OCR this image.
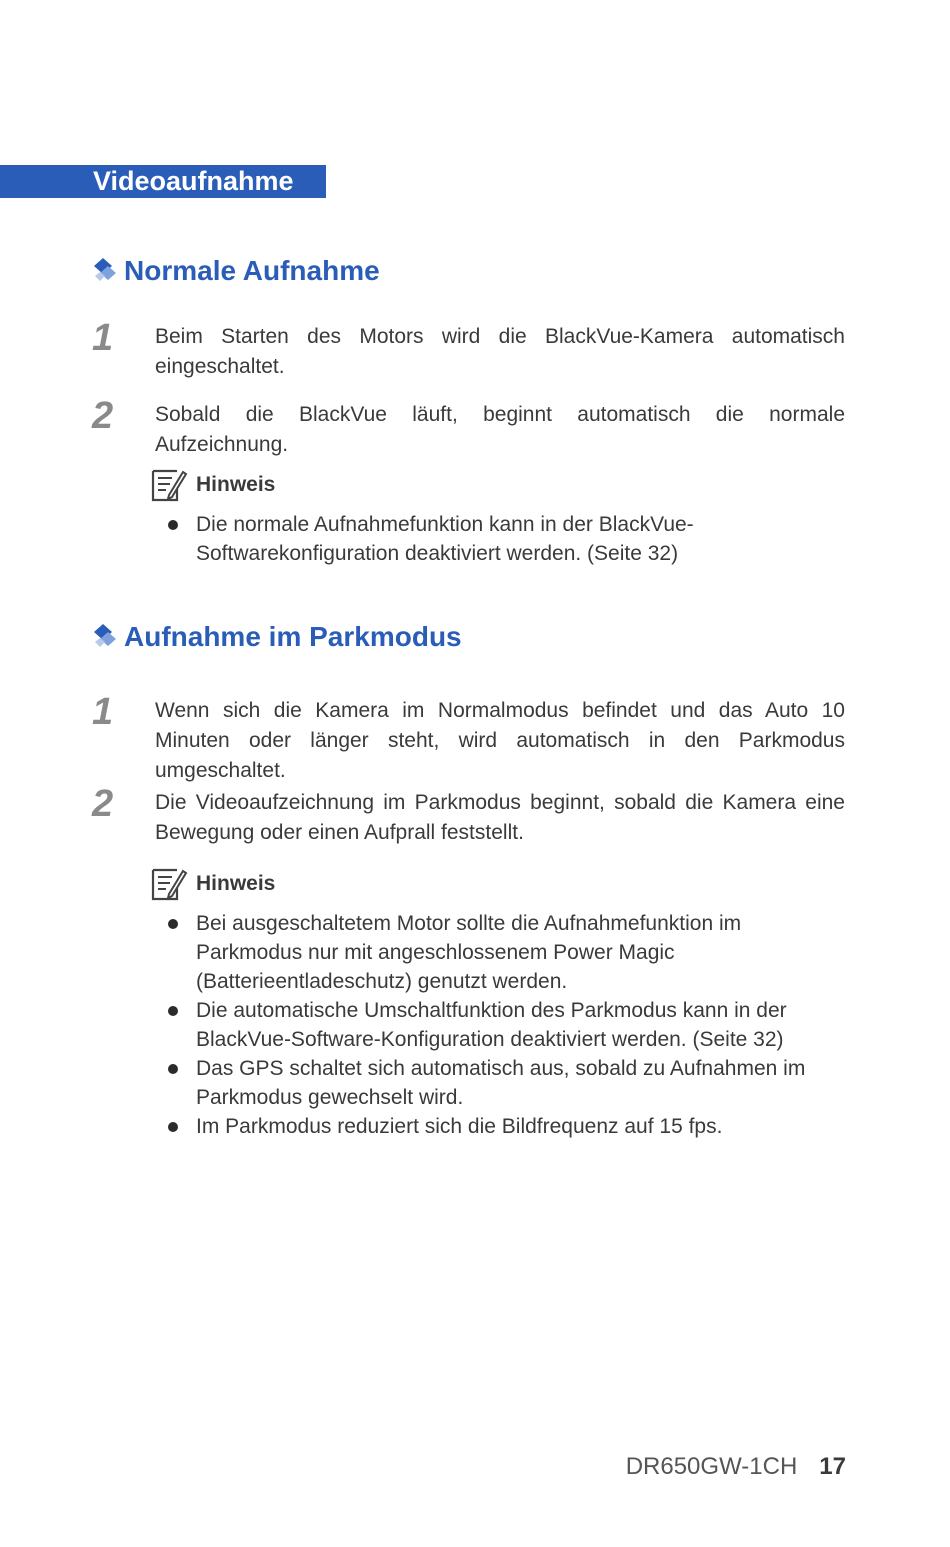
Videoaufnahme
Normale Aufnahme
1	Beim Starten des Motors wird die BlackVue-Kamera automatisch eingeschaltet.
2	Sobald die BlackVue läuft, beginnt automatisch die normale Aufzeichnung.
Hinweis
Die normale Aufnahmefunktion kann in der BlackVue-Softwarekonfiguration deaktiviert werden. (Seite 32)
Aufnahme im Parkmodus
1	Wenn sich die Kamera im Normalmodus befindet und das Auto 10 Minuten oder länger steht, wird automatisch in den Parkmodus umgeschaltet.
2	Die Videoaufzeichnung im Parkmodus beginnt, sobald die Kamera eine Bewegung oder einen Aufprall feststellt.
Hinweis
Bei ausgeschaltetem Motor sollte die Aufnahmefunktion im Parkmodus nur mit angeschlossenem Power Magic (Batterieentladeschutz) genutzt werden.
Die automatische Umschaltfunktion des Parkmodus kann in der BlackVue-Software-Konfiguration deaktiviert werden. (Seite 32)
Das GPS schaltet sich automatisch aus, sobald zu Aufnahmen im Parkmodus gewechselt wird.
Im Parkmodus reduziert sich die Bildfrequenz auf 15 fps.
DR650GW-1CH 17
